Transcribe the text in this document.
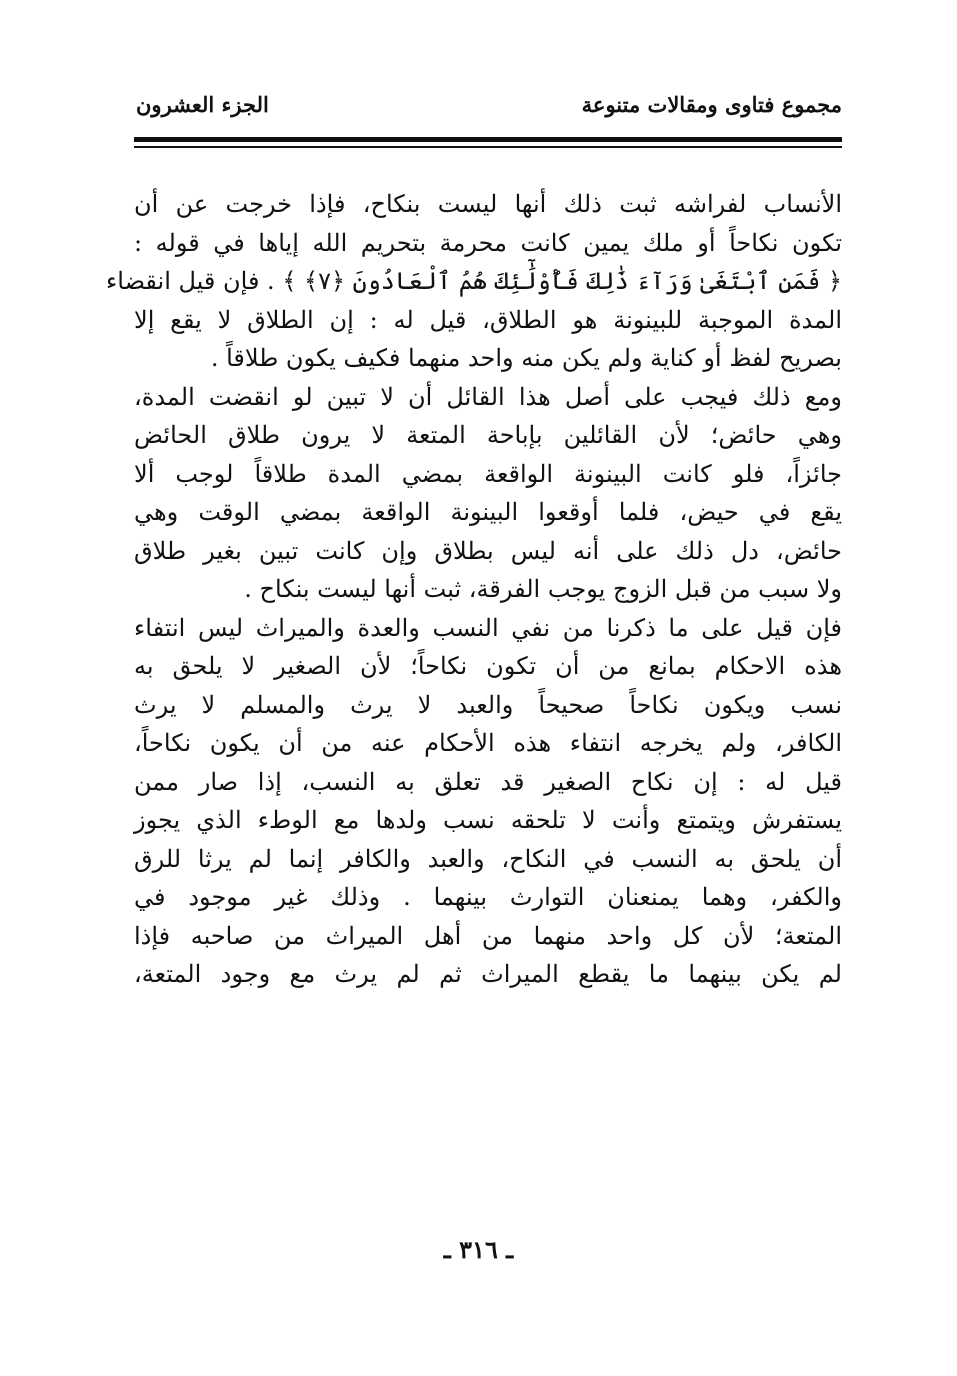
مجموع فتاوى ومقالات متنوعة
الجزء العشرون
الأنساب لفراشه ثبت ذلك أنها ليست بنكاح، فإذا خرجت عن أن
تكون نكاحاً أو ملك يمين كانت محرمة بتحريم الله إياها في قوله :
﴿ فَمَنِ ٱبْتَغَىٰ وَرَآءَ ذَٰلِكَ فَأُوْلَٰٓئِكَ هُمُ ٱلْعَادُونَ ﴿٧﴾ ﴾ . فإن قيل انقضاء
المدة الموجبة للبينونة هو الطلاق، قيل له : إن الطلاق لا يقع إلا
بصريح لفظ أو كناية ولم يكن منه واحد منهما فكيف يكون طلاقاً .
ومع ذلك فيجب على أصل هذا القائل أن لا تبين لو انقضت المدة،
وهي حائض؛ لأن القائلين بإباحة المتعة لا يرون طلاق الحائض
جائزاً، فلو كانت البينونة الواقعة بمضي المدة طلاقاً لوجب ألا
يقع في حيض، فلما أوقعوا البينونة الواقعة بمضي الوقت وهي
حائض، دل ذلك على أنه ليس بطلاق وإن كانت تبين بغير طلاق
ولا سبب من قبل الزوج يوجب الفرقة، ثبت أنها ليست بنكاح .
فإن قيل على ما ذكرنا من نفي النسب والعدة والميراث ليس انتفاء
هذه الاحكام بمانع من أن تكون نكاحاً؛ لأن الصغير لا يلحق به
نسب ويكون نكاحاً صحيحاً والعبد لا يرث والمسلم لا يرث
الكافر، ولم يخرجه انتفاء هذه الأحكام عنه من أن يكون نكاحاً،
قيل له : إن نكاح الصغير قد تعلق به النسب، إذا صار ممن
يستفرش ويتمتع وأنت لا تلحقه نسب ولدها مع الوطء الذي يجوز
أن يلحق به النسب في النكاح، والعبد والكافر إنما لم يرثا للرق
والكفر، وهما يمنعنان التوارث بينهما . وذلك غير موجود في
المتعة؛ لأن كل واحد منهما من أهل الميراث من صاحبه فإذا
لم يكن بينهما ما يقطع الميراث ثم لم يرث مع وجود المتعة،
ـ ٣١٦ ـ
